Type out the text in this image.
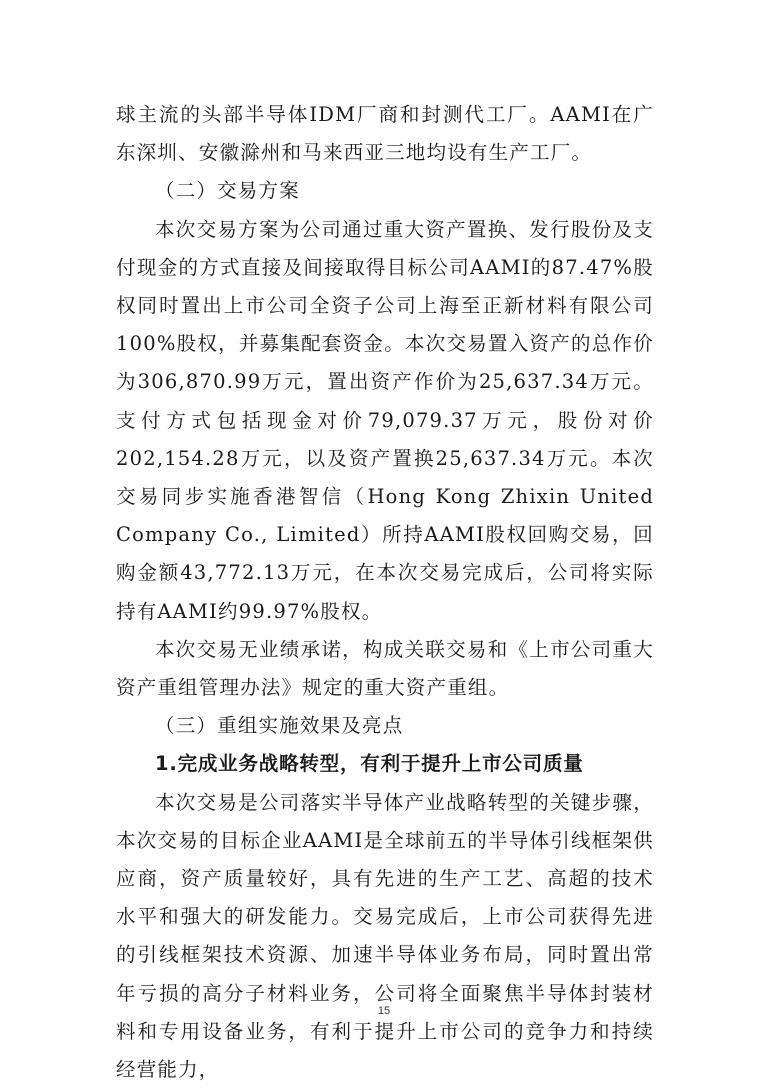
球主流的头部半导体IDM厂商和封测代工厂。AAMI在广东深圳、安徽滁州和马来西亚三地均设有生产工厂。

（二）交易方案

本次交易方案为公司通过重大资产置换、发行股份及支付现金的方式直接及间接取得目标公司AAMI的87.47%股权同时置出上市公司全资子公司上海至正新材料有限公司100%股权，并募集配套资金。本次交易置入资产的总作价为306,870.99万元，置出资产作价为25,637.34万元。支付方式包括现金对价79,079.37万元，股份对价202,154.28万元，以及资产置换25,637.34万元。本次交易同步实施香港智信（Hong Kong Zhixin United Company Co., Limited）所持AAMI股权回购交易，回购金额43,772.13万元，在本次交易完成后，公司将实际持有AAMI约99.97%股权。

本次交易无业绩承诺，构成关联交易和《上市公司重大资产重组管理办法》规定的重大资产重组。

（三）重组实施效果及亮点

1.完成业务战略转型，有利于提升上市公司质量

本次交易是公司落实半导体产业战略转型的关键步骤，本次交易的目标企业AAMI是全球前五的半导体引线框架供应商，资产质量较好，具有先进的生产工艺、高超的技术水平和强大的研发能力。交易完成后，上市公司获得先进的引线框架技术资源、加速半导体业务布局，同时置出常年亏损的高分子材料业务，公司将全面聚焦半导体封装材料和专用设备业务，有利于提升上市公司的竞争力和持续经营能力，

15
